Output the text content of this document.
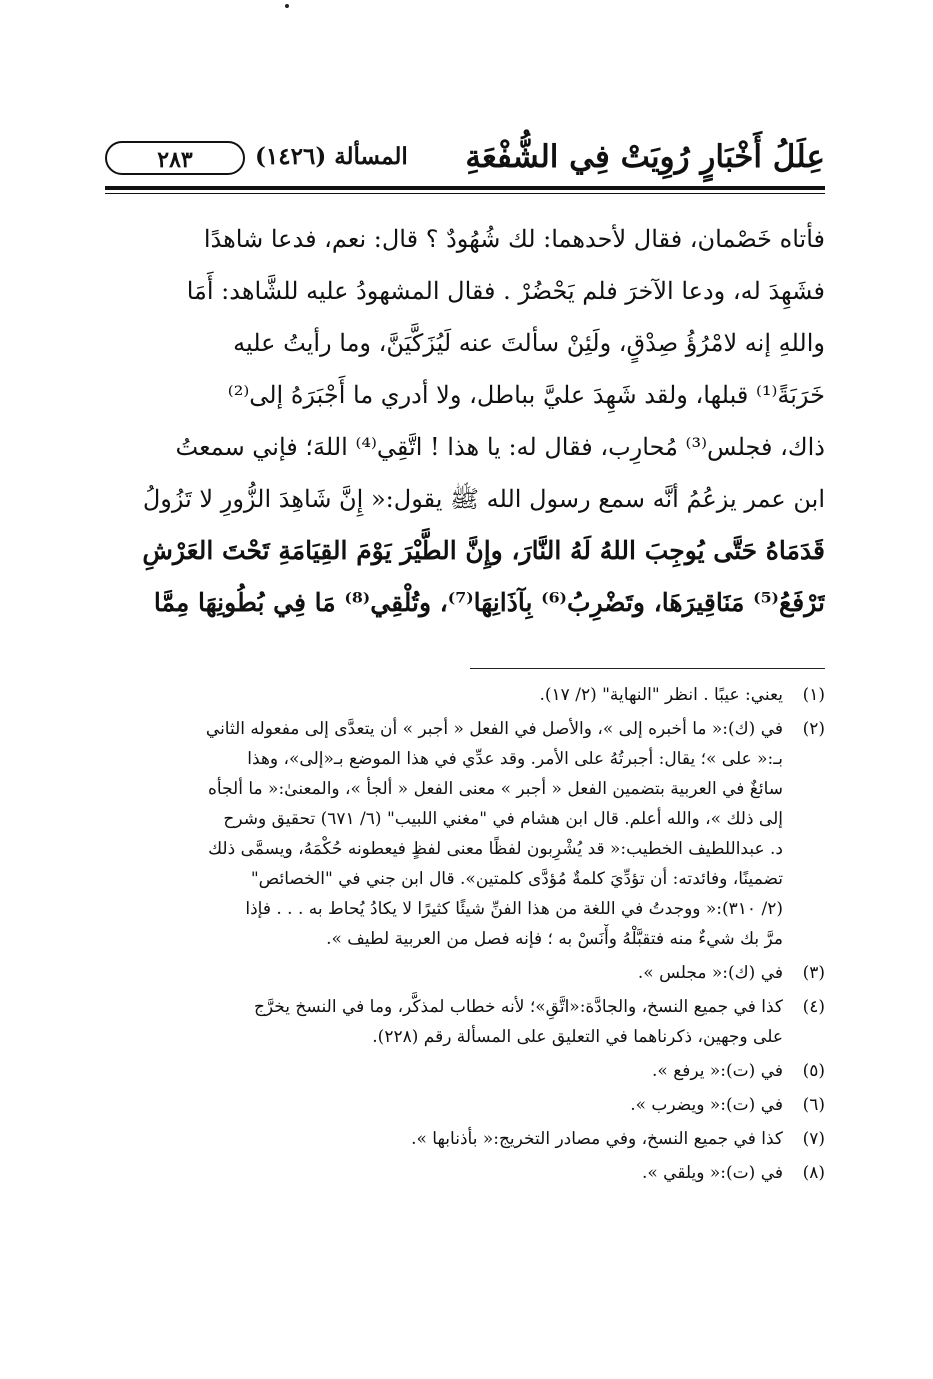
عِلَلُ أَخْبَارٍ رُوِيَتْ فِي الشُّفْعَةِ
المسألة (١٤٢٦)
٢٨٣
فأتاه خَصْمان، فقال لأحدهما: لك شُهُودٌ ؟ قال: نعم، فدعا شاهدًا
فشَهِدَ له، ودعا الآخرَ فلم يَحْضُرْ . فقال المشهودُ عليه للشَّاهد: أَمَا
واللهِ إنه لامْرُؤُ صِدْقٍ، ولَئِنْ سألتَ عنه لَيُزَكَّيَنَّ، وما رأيتُ عليه
خَرَبَةً⁽¹⁾ قبلها، ولقد شَهِدَ عليَّ بباطل، ولا أدري ما أَجْبَرَهُ إلى⁽²⁾
ذاك، فجلس⁽³⁾ مُحارِب، فقال له: يا هذا ! اتَّقِي⁽⁴⁾ اللهَ؛ فإني سمعتُ
ابن عمر يزعُمُ أنَّه سمع رسول الله ﷺ يقول:« إِنَّ شَاهِدَ الزُّورِ لا تَزُولُ
قَدَمَاهُ حَتَّى يُوجِبَ اللهُ لَهُ النَّارَ، وإِنَّ الطَّيْرَ يَوْمَ القِيَامَةِ تَحْتَ العَرْشِ
تَرْفَعُ⁽⁵⁾ مَنَاقِيرَهَا، وتَضْرِبُ⁽⁶⁾ بِآذَانِهَا⁽⁷⁾، وتُلْقِي⁽⁸⁾ مَا فِي بُطُونِهَا مِمَّا
(١)
يعني: عيبًا . انظر "النهاية" (٢/ ١٧).
(٢)
في (ك):« ما أخبره إلى »، والأصل في الفعل « أجبر » أن يتعدَّى إلى مفعوله الثاني
بـ:« على »؛ يقال: أجبرتُهُ على الأمر. وقد عدِّي في هذا الموضع بـ«إلى»، وهذا
سائغٌ في العربية بتضمين الفعل « أجبر » معنى الفعل « ألجأ »، والمعنىٰ:« ما ألجأه
إلى ذلك »، والله أعلم. قال ابن هشام في "مغني اللبيب" (٦/ ٦٧١) تحقيق وشرح
د. عبداللطيف الخطيب:« قد يُشْرِبون لفظًا معنى لفظٍ فيعطونه حُكْمَهُ، ويسمَّى ذلك
تضمينًا، وفائدته: أن تؤدِّيَ كلمةٌ مُؤدَّى كلمتين». قال ابن جني في "الخصائص"
(٢/ ٣١٠):« ووجدتُ في اللغة من هذا الفنِّ شيئًا كثيرًا لا يكادُ يُحاط به . . . فإذا
مرَّ بك شيءٌ منه فتقبَّلْهُ وأْنَسْ به ؛ فإنه فصل من العربية لطيف ».
(٣)
في (ك):« مجلس ».
(٤)
كذا في جميع النسخ، والجادَّة:«اتَّقِ»؛ لأنه خطاب لمذكَّر، وما في النسخ يخرَّج
على وجهين، ذكرناهما في التعليق على المسألة رقم (٢٢٨).
(٥)
في (ت):« يرفع ».
(٦)
في (ت):« ويضرب ».
(٧)
كذا في جميع النسخ، وفي مصادر التخريج:« بأذنابها ».
(٨)
في (ت):« ويلقي ».
